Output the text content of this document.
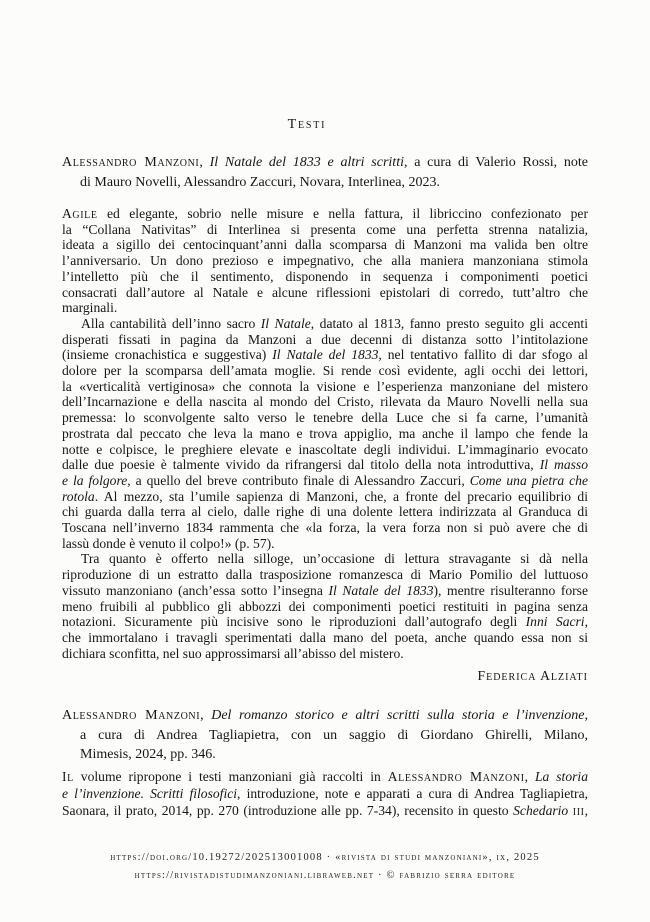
Testi
Alessandro Manzoni, Il Natale del 1833 e altri scritti, a cura di Valerio Rossi, note
di Mauro Novelli, Alessandro Zaccuri, Novara, Interlinea, 2023.
Agile ed elegante, sobrio nelle misure e nella fattura, il libriccino confezionato per
la “Collana Nativitas” di Interlinea si presenta come una perfetta strenna natalizia,
ideata a sigillo dei centocinquant’anni dalla scomparsa di Manzoni ma valida ben oltre
l’anniversario. Un dono prezioso e impegnativo, che alla maniera manzoniana stimola
l’intelletto più che il sentimento, disponendo in sequenza i componimenti poetici
consacrati dall’autore al Natale e alcune riflessioni epistolari di corredo, tutt’altro che
marginali.
Alla cantabilità dell’inno sacro Il Natale, datato al 1813, fanno presto seguito gli accenti
disperati fissati in pagina da Manzoni a due decenni di distanza sotto l’intitolazione
(insieme cronachistica e suggestiva) Il Natale del 1833, nel tentativo fallito di dar sfogo al
dolore per la scomparsa dell’amata moglie. Si rende così evidente, agli occhi dei lettori,
la «verticalità vertiginosa» che connota la visione e l’esperienza manzoniane del mistero
dell’Incarnazione e della nascita al mondo del Cristo, rilevata da Mauro Novelli nella sua
premessa: lo sconvolgente salto verso le tenebre della Luce che si fa carne, l’umanità
prostrata dal peccato che leva la mano e trova appiglio, ma anche il lampo che fende la
notte e colpisce, le preghiere elevate e inascoltate degli individui. L’immaginario evocato
dalle due poesie è talmente vivido da rifrangersi dal titolo della nota introduttiva, Il masso
e la folgore, a quello del breve contributo finale di Alessandro Zaccuri, Come una pietra che
rotola. Al mezzo, sta l’umile sapienza di Manzoni, che, a fronte del precario equilibrio di
chi guarda dalla terra al cielo, dalle righe di una dolente lettera indirizzata al Granduca di
Toscana nell’inverno 1834 rammenta che «la forza, la vera forza non si può avere che di
lassù donde è venuto il colpo!» (p. 57).
Tra quanto è offerto nella silloge, un’occasione di lettura stravagante si dà nella
riproduzione di un estratto dalla trasposizione romanzesca di Mario Pomilio del luttuoso
vissuto manzoniano (anch’essa sotto l’insegna Il Natale del 1833), mentre risulteranno forse
meno fruibili al pubblico gli abbozzi dei componimenti poetici restituiti in pagina senza
notazioni. Sicuramente più incisive sono le riproduzioni dall’autografo degli Inni Sacri,
che immortalano i travagli sperimentati dalla mano del poeta, anche quando essa non si
dichiara sconfitta, nel suo approssimarsi all’abisso del mistero.
Federica Alziati
Alessandro Manzoni, Del romanzo storico e altri scritti sulla storia e l’invenzione,
a cura di Andrea Tagliapietra, con un saggio di Giordano Ghirelli, Milano,
Mimesis, 2024, pp. 346.
Il volume ripropone i testi manzoniani già raccolti in Alessandro Manzoni, La storia
e l’invenzione. Scritti filosofici, introduzione, note e apparati a cura di Andrea Tagliapietra,
Saonara, il prato, 2014, pp. 270 (introduzione alle pp. 7-34), recensito in questo Schedario iii,
https://doi.org/10.19272/202513001008 · «rivista di studi manzoniani», ix, 2025
https://rivistadistudimanzoniani.libraweb.net · © fabrizio serra editore
